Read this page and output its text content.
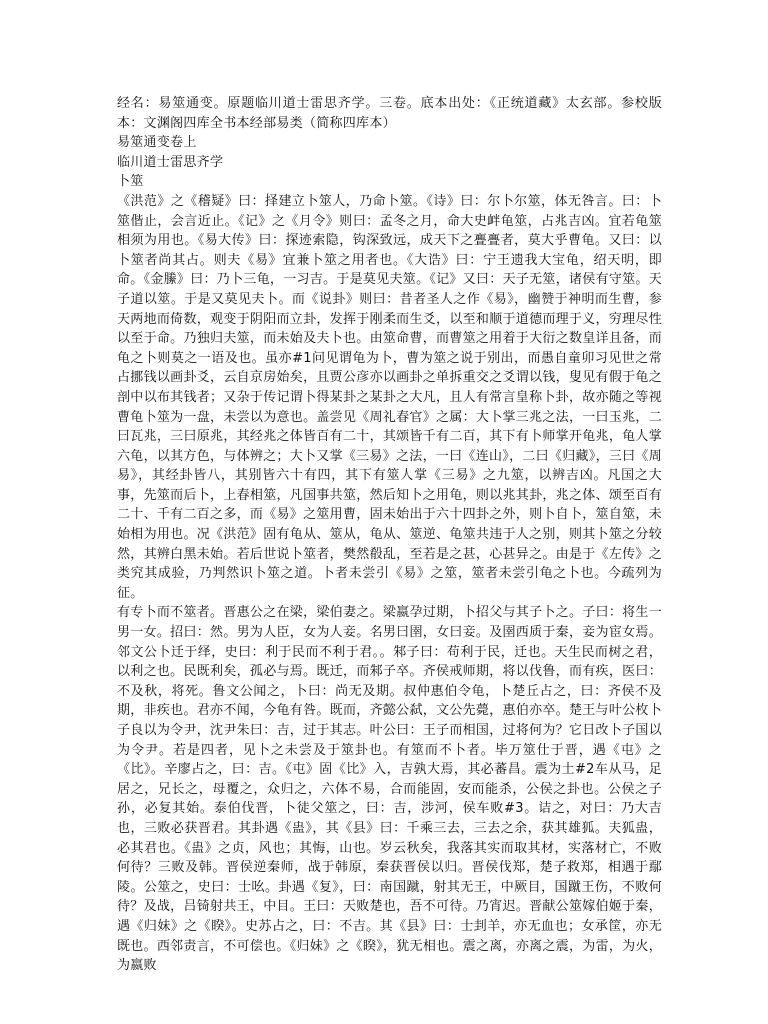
经名：易筮通变。原题临川道士雷思齐学。三卷。底本出处：《正统道藏》太玄部。参校版本：文渊阁四库全书本经部易类（简称四库本）

易筮通变卷上

临川道士雷思齐学

卜筮

《洪范》之《稽疑》曰：择建立卜筮人，乃命卜筮。《诗》曰：尔卜尔筮，体无咎言。曰：卜筮偕止，会言近止。《记》之《月令》则曰：孟冬之月，命大史衅龟筮，占兆吉凶。宜若龟筮相须为用也。《易大传》曰：探迹索隐，钩深致远，成天下之亹亹者，莫大乎曹龟。又曰：以卜筮者尚其占。则夫《易》宜兼卜筮之用者也。《大诰》曰：宁王遗我大宝龟，绍天明，即命。《金縢》曰：乃卜三龟，一习吉。于是莫见夫筮。《记》又曰：天子无筮，诸侯有守筮。天子道以筮。于是又莫见夫卜。而《说卦》则曰：昔者圣人之作《易》，幽赞于神明而生曹，参天两地而倚数，观变于阴阳而立卦，发挥于刚柔而生爻，以至和顺于道德而理于义，穷理尽性以至于命。乃独归夫筮，而未始及夫卜也。由筮命曹，而曹筮之用着于大衍之数皇详且备，而龟之卜则莫之一语及也。虽亦#1问见谓龟为卜，曹为筮之说于别出，而愚自童卯习见世之常占挪钱以画卦爻，云自京房始矣，且贾公彦亦以画卦之单拆重交之爻谓以钱，叟见有假于龟之剖中以布其钱者；又杂于传记谓卜得某卦之某卦之大凡，且人有常言皇称卜卦，故亦随之等视曹龟卜筮为一盘，未尝以为意也。盖尝见《周礼春官》之属：大卜掌三兆之法，一曰玉兆，二曰瓦兆，三曰原兆，其经兆之体皆百有二十，其颂皆千有二百，其下有卜师掌开龟兆，龟人掌六龟，以其方色，与体辨之；大卜又掌《三易》之法，一曰《连山》，二曰《归藏》，三曰《周易》，其经卦皆八，其别皆六十有四，其下有筮人掌《三易》之九筮，以辨吉凶。凡国之大事，先筮而后卜，上春相筮，凡国事共筮，然后知卜之用龟，则以兆其卦，兆之体、颂至百有二十、千有二百之多，而《易》之筮用曹，固未始出于六十四卦之外，则卜自卜，筮自筮，未始相为用也。况《洪范》固有龟从、筮从，龟从、筮逆、龟筮共违于人之别，则其卜筮之分较然，其辨白黑未始。若后世说卜筮者，樊然殽乱，至若是之甚，心甚异之。由是于《左传》之类究其成验，乃判然识卜筮之道。卜者未尝引《易》之筮，筮者未尝引龟之卜也。今疏列为征。

有专卜而不筮者。晋惠公之在梁，梁伯妻之。梁嬴孕过期，卜招父与其子卜之。子曰：将生一男一女。招曰：然。男为人臣，女为人妾。名男曰圉，女曰妾。及圉西质于秦，妾为宦女焉。邻文公卜迁于绎，史曰：利于民而不利于君。。邾子曰：苟利于民，迁也。天生民而树之君，以利之也。民既利矣，孤必与焉。既迁，而邾子卒。齐侯戒师期，将以伐鲁，而有疾，医曰：不及秋，将死。鲁文公闻之，卜曰：尚无及期。叔仲惠伯令龟，卜楚丘占之，曰：齐侯不及期，非疾也。君亦不闻，今龟有咎。既而，齐懿公弑，文公先薨，惠伯亦卒。楚王与叶公枚卜子良以为令尹，沈尹朱曰：吉，过于其志。叶公曰：王子而相国，过将何为？它日改卜子国以为令尹。若是四者，见卜之未尝及于筮卦也。有筮而不卜者。毕万筮仕于晋，遇《屯》之《比》。辛廖占之，曰：吉。《屯》固《比》入，吉孰大焉，其必蕃昌。震为土#2车从马，足居之，兄长之，母覆之，众归之，六体不易，合而能固，安而能杀，公侯之卦也。公侯之子孙，必复其始。泰伯伐晋，卜徒父筮之，曰：吉，涉河，侯车败#3。诘之，对曰：乃大吉也，三败必获晋君。其卦遇《蛊》，其《县》曰：千乘三去，三去之余，获其雄狐。夫狐蛊，必其君也。《蛊》之贞，风也；其悔，山也。岁云秋矣，我落其实而取其材，实落材亡，不败何待？三败及韩。晋侯逆秦师，战于韩原，秦获晋侯以归。晋侯伐郑，楚子救郑，相遇于鄢陵。公筮之，史曰：士吆。卦遇《复》，曰：南国蹴，射其无王，中厥目，国蹴王伤，不败何待？及战，吕锜射共王，中目。王曰：天败楚也，吾不可待。乃宵迟。晋献公筮嫁伯姬于秦，遇《归妹》之《睽》。史苏占之，曰：不吉。其《县》曰：士刲羊，亦无血也；女承筐，亦无既也。西邻责言，不可偿也。《归妹》之《睽》，犹无相也。震之离，亦离之震，为雷，为火，为嬴败
